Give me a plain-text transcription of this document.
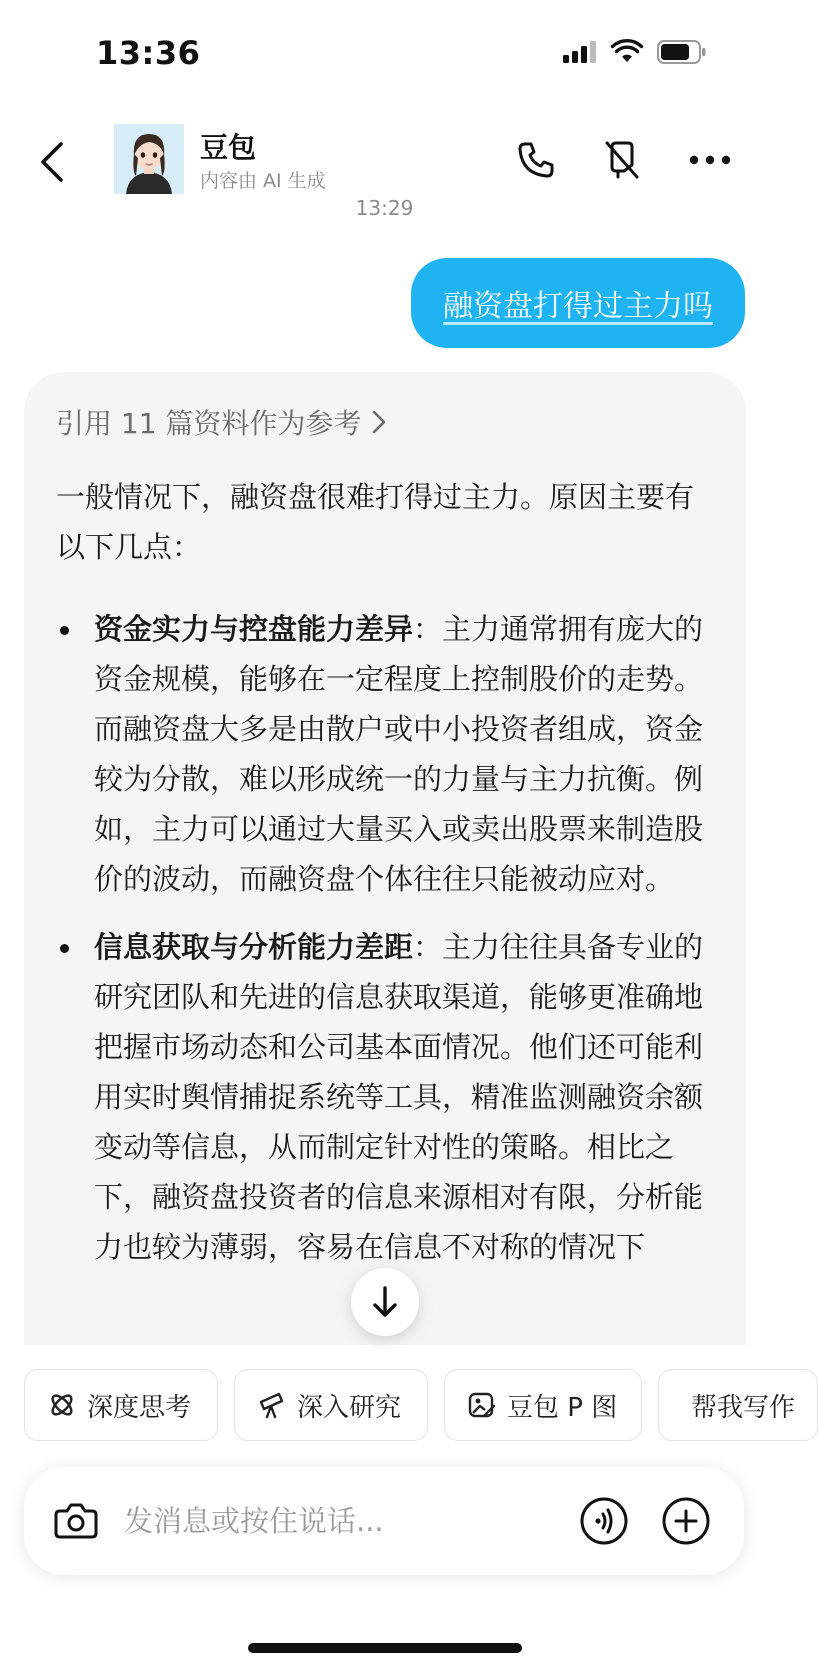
13:36
豆包
内容由 AI 生成
13:29
融资盘打得过主力吗
引用 11 篇资料作为参考
一般情况下，融资盘很难打得过主力。原因主要有以下几点：
资金实力与控盘能力差异：主力通常拥有庞大的资金规模，能够在一定程度上控制股价的走势。而融资盘大多是由散户或中小投资者组成，资金较为分散，难以形成统一的力量与主力抗衡。例如，主力可以通过大量买入或卖出股票来制造股价的波动，而融资盘个体往往只能被动应对。
信息获取与分析能力差距：主力往往具备专业的研究团队和先进的信息获取渠道，能够更准确地把握市场动态和公司基本面情况。他们还可能利用实时舆情捕捉系统等工具，精准监测融资余额变动等信息，从而制定针对性的策略。相比之下，融资盘投资者的信息来源相对有限，分析能力也较为薄弱，容易在信息不对称的情况下
深度思考	深入研究	豆包 P 图	帮我写作
发消息或按住说话...
